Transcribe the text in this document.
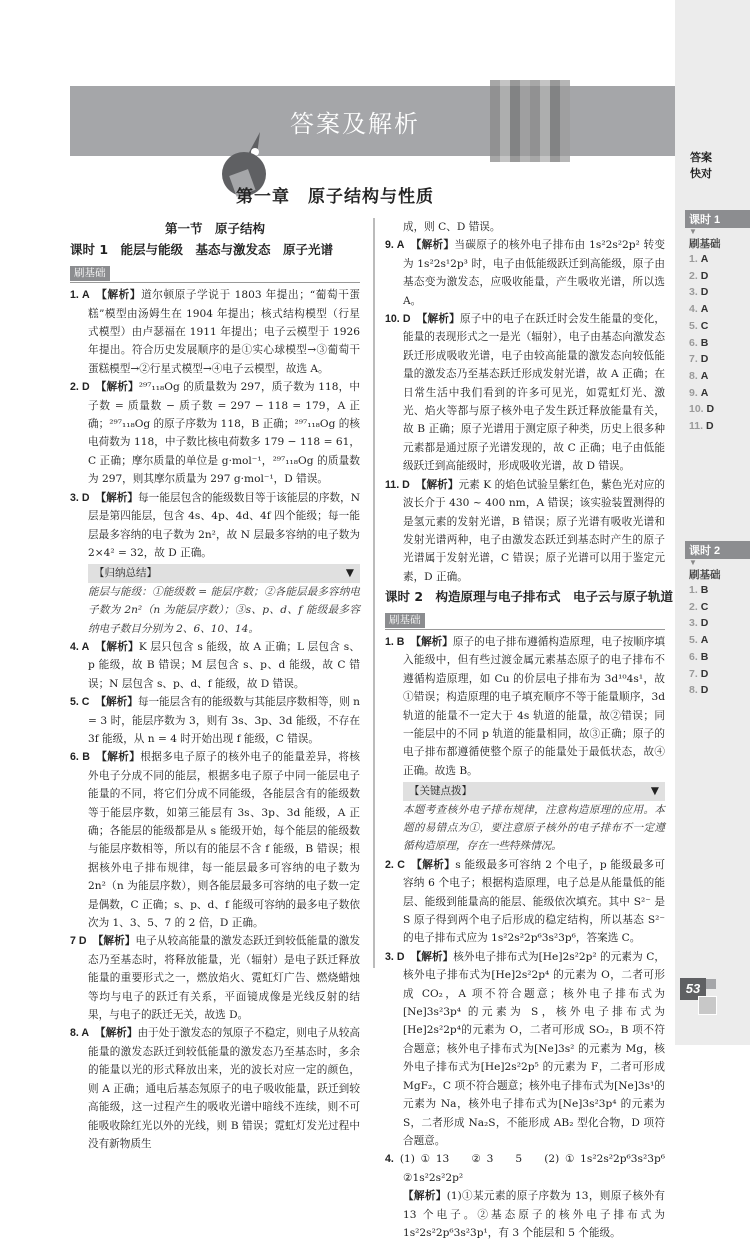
答案及解析
第一章　原子结构与性质
第一节　原子结构
课时 1　能层与能级　基态与激发态　原子光谱
刷基础
1. A 【解析】道尔顿原子学说于 1803 年提出；“葡萄干蛋糕”模型由汤姆生在 1904 年提出；核式结构模型（行星式模型）由卢瑟福在 1911 年提出；电子云模型于 1926 年提出。符合历史发展顺序的是①实心球模型→③葡萄干蛋糕模型→②行星式模型→④电子云模型，故选 A。
2. D 【解析】²⁹⁷₁₁₈Og 的质量数为 297，质子数为 118，中子数 = 质量数 − 质子数 = 297 − 118 = 179，A 正确；²⁹⁷₁₁₈Og 的原子序数为 118，B 正确；²⁹⁷₁₁₈Og 的核电荷数为 118，中子数比核电荷数多 179 − 118 = 61，C 正确；摩尔质量的单位是 g·mol⁻¹，²⁹⁷₁₁₈Og 的质量数为 297，则其摩尔质量为 297 g·mol⁻¹，D 错误。
3. D 【解析】每一能层包含的能级数目等于该能层的序数，N 层是第四能层，包含 4s、4p、4d、4f 四个能级；每一能层最多容纳的电子数为 2n²，故 N 层最多容纳的电子数为 2×4² = 32，故 D 正确。
【归纳总结】	▼
能层与能级：①能级数 = 能层序数；②各能层最多容纳电子数为 2n²（n 为能层序数）；③s、p、d、f 能级最多容纳电子数目分别为 2、6、10、14。
4. A 【解析】K 层只包含 s 能级，故 A 正确；L 层包含 s、p 能级，故 B 错误；M 层包含 s、p、d 能级，故 C 错误；N 层包含 s、p、d、f 能级，故 D 错误。
5. C 【解析】每一能层含有的能级数与其能层序数相等，则 n = 3 时，能层序数为 3，则有 3s、3p、3d 能级，不存在 3f 能级，从 n = 4 时开始出现 f 能级，C 错误。
6. B 【解析】根据多电子原子的核外电子的能量差异，将核外电子分成不同的能层，根据多电子原子中同一能层电子能量的不同，将它们分成不同能级，各能层含有的能级数等于能层序数，如第三能层有 3s、3p、3d 能级，A 正确；各能层的能级都是从 s 能级开始，每个能层的能级数与能层序数相等，所以有的能层不含 f 能级，B 错误；根据核外电子排布规律，每一能层最多可容纳的电子数为 2n²（n 为能层序数），则各能层最多可容纳的电子数一定是偶数，C 正确；s、p、d、f 能级可容纳的最多电子数依次为 1、3、5、7 的 2 倍，D 正确。
7 D 【解析】电子从较高能量的激发态跃迁到较低能量的激发态乃至基态时，将释放能量，光（辐射）是电子跃迁释放能量的重要形式之一，燃放焰火、霓虹灯广告、燃烧蜡烛等均与电子的跃迁有关系，平面镜成像是光线反射的结果，与电子的跃迁无关，故选 D。
8. A 【解析】由于处于激发态的氖原子不稳定，则电子从较高能量的激发态跃迁到较低能量的激发态乃至基态时，多余的能量以光的形式释放出来，光的波长对应一定的颜色，则 A 正确；通电后基态氖原子的电子吸收能量，跃迁到较高能级，这一过程产生的吸收光谱中暗线不连续，则不可能吸收除红光以外的光线，则 B 错误；霓虹灯发光过程中没有新物质生
成，则 C、D 错误。
9. A 【解析】当碳原子的核外电子排布由 1s²2s²2p² 转变为 1s²2s¹2p³ 时，电子由低能级跃迁到高能级，原子由基态变为激发态，应吸收能量，产生吸收光谱，所以选 A。
10. D 【解析】原子中的电子在跃迁时会发生能量的变化，能量的表现形式之一是光（辐射），电子由基态向激发态跃迁形成吸收光谱，电子由较高能量的激发态向较低能量的激发态乃至基态跃迁形成发射光谱，故 A 正确；在日常生活中我们看到的许多可见光，如霓虹灯光、激光、焰火等都与原子核外电子发生跃迁释放能量有关，故 B 正确；原子光谱用于测定原子种类，历史上很多种元素都是通过原子光谱发现的，故 C 正确；电子由低能级跃迁到高能级时，形成吸收光谱，故 D 错误。
11. D 【解析】元素 K 的焰色试验呈紫红色，紫色光对应的波长介于 430 ~ 400 nm，A 错误；该实验装置测得的是氢元素的发射光谱，B 错误；原子光谱有吸收光谱和发射光谱两种，电子由激发态跃迁到基态时产生的原子光谱属于发射光谱，C 错误；原子光谱可以用于鉴定元素，D 正确。
课时 2　构造原理与电子排布式　电子云与原子轨道
刷基础
1. B 【解析】原子的电子排布遵循构造原理，电子按顺序填入能级中，但有些过渡金属元素基态原子的电子排布不遵循构造原理，如 Cu 的价层电子排布为 3d¹⁰4s¹，故①错误；构造原理的电子填充顺序不等于能量顺序，3d 轨道的能量不一定大于 4s 轨道的能量，故②错误；同一能层中的不同 p 轨道的能量相同，故③正确；原子的电子排布都遵循使整个原子的能量处于最低状态，故④正确。故选 B。
【关键点拨】	▼
本题考查核外电子排布规律，注意构造原理的应用。本题的易错点为①，要注意原子核外的电子排布不一定遵循构造原理，存在一些特殊情况。
2. C 【解析】s 能级最多可容纳 2 个电子，p 能级最多可容纳 6 个电子；根据构造原理，电子总是从能量低的能层、能级到能量高的能层、能级依次填充。其中 S²⁻ 是 S 原子得到两个电子后形成的稳定结构，所以基态 S²⁻ 的电子排布式应为 1s²2s²2p⁶3s²3p⁶，答案选 C。
3. D 【解析】核外电子排布式为[He]2s²2p² 的元素为 C，核外电子排布式为[He]2s²2p⁴ 的元素为 O，二者可形成 CO₂，A 项不符合题意；核外电子排布式为[Ne]3s²3p⁴ 的元素为 S，核外电子排布式为[He]2s²2p⁴的元素为 O，二者可形成 SO₂，B 项不符合题意；核外电子排布式为[Ne]3s² 的元素为 Mg，核外电子排布式为[He]2s²2p⁵ 的元素为 F，二者可形成 MgF₂，C 项不符合题意；核外电子排布式为[Ne]3s¹的元素为 Na，核外电子排布式为[Ne]3s²3p⁴ 的元素为 S，二者形成 Na₂S，不能形成 AB₂ 型化合物，D 项符合题意。
4. (1)①13　②3　5　(2)①1s²2s²2p⁶3s²3p⁶　②1s²2s²2p²
【解析】(1)①某元素的原子序数为 13，则原子核外有 13 个电子。②基态原子的核外电子排布式为 1s²2s²2p⁶3s²3p¹，有 3 个能层和 5 个能级。
答案
快对
课时 1
▼
刷基础
1. A
2. D
3. D
4. A
5. C
6. B
7. D
8. A
9. A
10. D
11. D
课时 2
▼
刷基础
1. B
2. C
3. D
5. A
6. B
7. D
8. D
53
